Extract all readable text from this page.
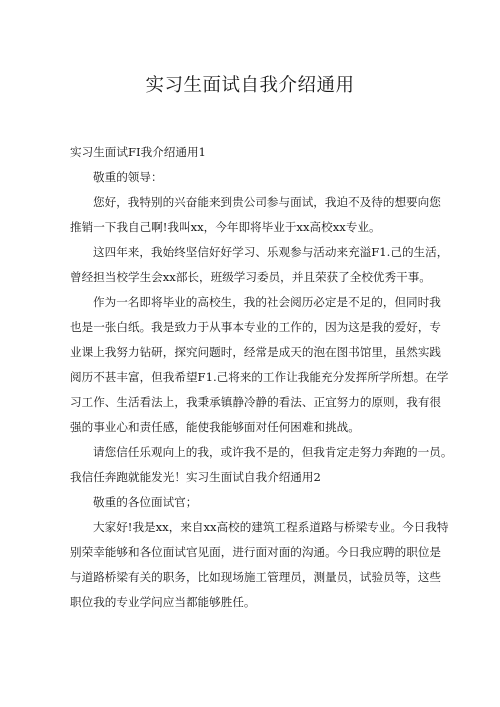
实习生面试自我介绍通用
实习生面试FI我介绍通用1
敬重的领导：
您好，我特别的兴奋能来到贵公司参与面试，我迫不及待的想要向您
推销一下我自己啊!我叫xx，今年即将毕业于xx高校xx专业。
这四年来，我始终坚信好好学习、乐观参与活动来充溢F1.己的生活，
曾经担当校学生会xx部长，班级学习委员，并且荣获了全校优秀干事。
作为一名即将毕业的高校生，我的社会阅历必定是不足的，但同时我
也是一张白纸。我是致力于从事本专业的工作的，因为这是我的爱好，专
业课上我努力钻研，探究问题时，经常是成天的泡在图书馆里，虽然实践
阅历不甚丰富，但我希望F1.己将来的工作让我能充分发挥所学所想。在学
习工作、生活看法上，我秉承镇静冷静的看法、正宜努力的原则，我有很
强的事业心和责任感，能使我能够面对任何困难和挑战。
请您信任乐观向上的我，或许我不是的，但我肯定走努力奔跑的一员。
我信任奔跑就能发光！实习生面试自我介绍通用2
敬重的各位面试官；
大家好!我是xx，来自xx高校的建筑工程系道路与桥梁专业。今日我特
别荣幸能够和各位面试官见面，进行面对面的沟通。今日我应聘的职位是
与道路桥梁有关的职务，比如现场施工管理员，测量员，试验员等，这些
职位我的专业学问应当都能够胜任。
